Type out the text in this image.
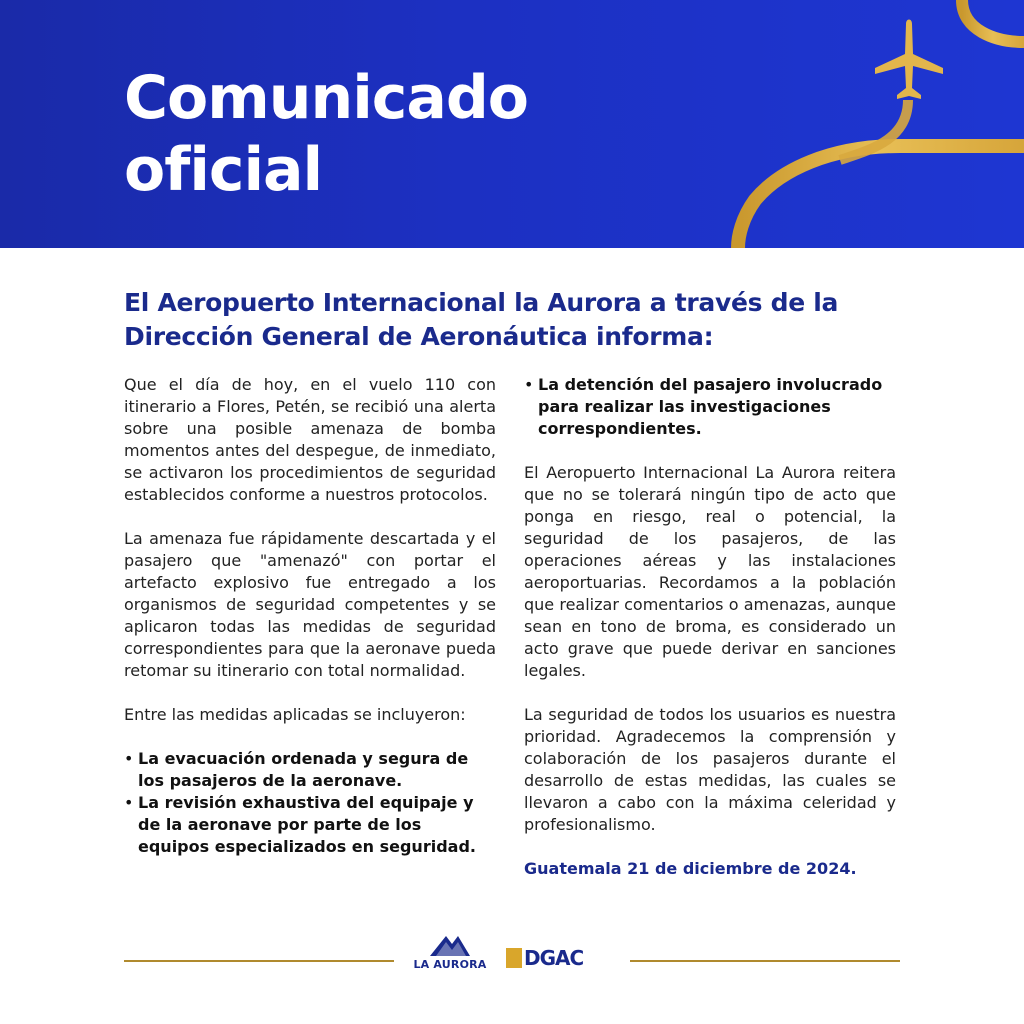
Comunicado
oficial
El Aeropuerto Internacional la Aurora a través de la Dirección General de Aeronáutica informa:

Que el día de hoy, en el vuelo 110 con itinerario a Flores, Petén, se recibió una alerta sobre una posible amenaza de bomba momentos antes del despegue, de inmediato, se activaron los procedimientos de seguridad establecidos conforme a nuestros protocolos.

La amenaza fue rápidamente descartada y el pasajero que "amenazó" con portar el artefacto explosivo fue entregado a los organismos de seguridad competentes y se aplicaron todas las medidas de seguridad correspondientes para que la aeronave pueda retomar su itinerario con total normalidad.

Entre las medidas aplicadas se incluyeron:

• La evacuación ordenada y segura de los pasajeros de la aeronave.
• La revisión exhaustiva del equipaje y de la aeronave por parte de los equipos especializados en seguridad.
• La detención del pasajero involucrado para realizar las investigaciones correspondientes.

El Aeropuerto Internacional La Aurora reitera que no se tolerará ningún tipo de acto que ponga en riesgo, real o potencial, la seguridad de los pasajeros, de las operaciones aéreas y las instalaciones aeroportuarias. Recordamos a la población que realizar comentarios o amenazas, aunque sean en tono de broma, es considerado un acto grave que puede derivar en sanciones legales.

La seguridad de todos los usuarios es nuestra prioridad. Agradecemos la comprensión y colaboración de los pasajeros durante el desarrollo de estas medidas, las cuales se llevaron a cabo con la máxima celeridad y profesionalismo.

Guatemala 21 de diciembre de 2024.

LA AURORA DGAC
